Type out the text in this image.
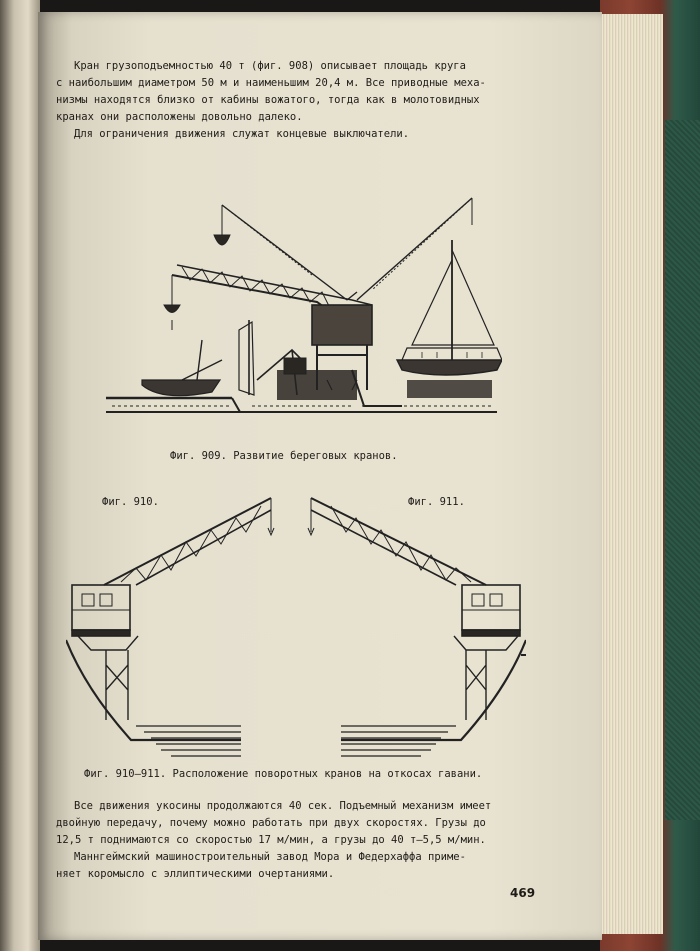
Кран грузоподъемностью 40 т (фиг. 908) описывает площадь круга
с наибольшим диаметром 50 м и наименьшим 20,4 м. Все приводные меха-
низмы находятся близко от кабины вожатого, тогда как в молотовидных
кранах они расположены довольно далеко.
Для ограничения движения служат концевые выключатели.
Фиг. 909. Развитие береговых кранов.
Фиг. 910.	Фиг. 911.
Фиг. 910—911. Расположение поворотных кранов на откосах гавани.
Все движения укосины продолжаются 40 сек. Подъемный механизм имеет
двойную передачу, почему можно работать при двух скоростях. Грузы до
12,5 т поднимаются со скоростью 17 м/мин, а грузы до 40 т—5,5 м/мин.
Маннгеймский машиностроительный завод Мора и Федерхаффа приме-
няет коромысло с эллиптическими очертаниями.
469
